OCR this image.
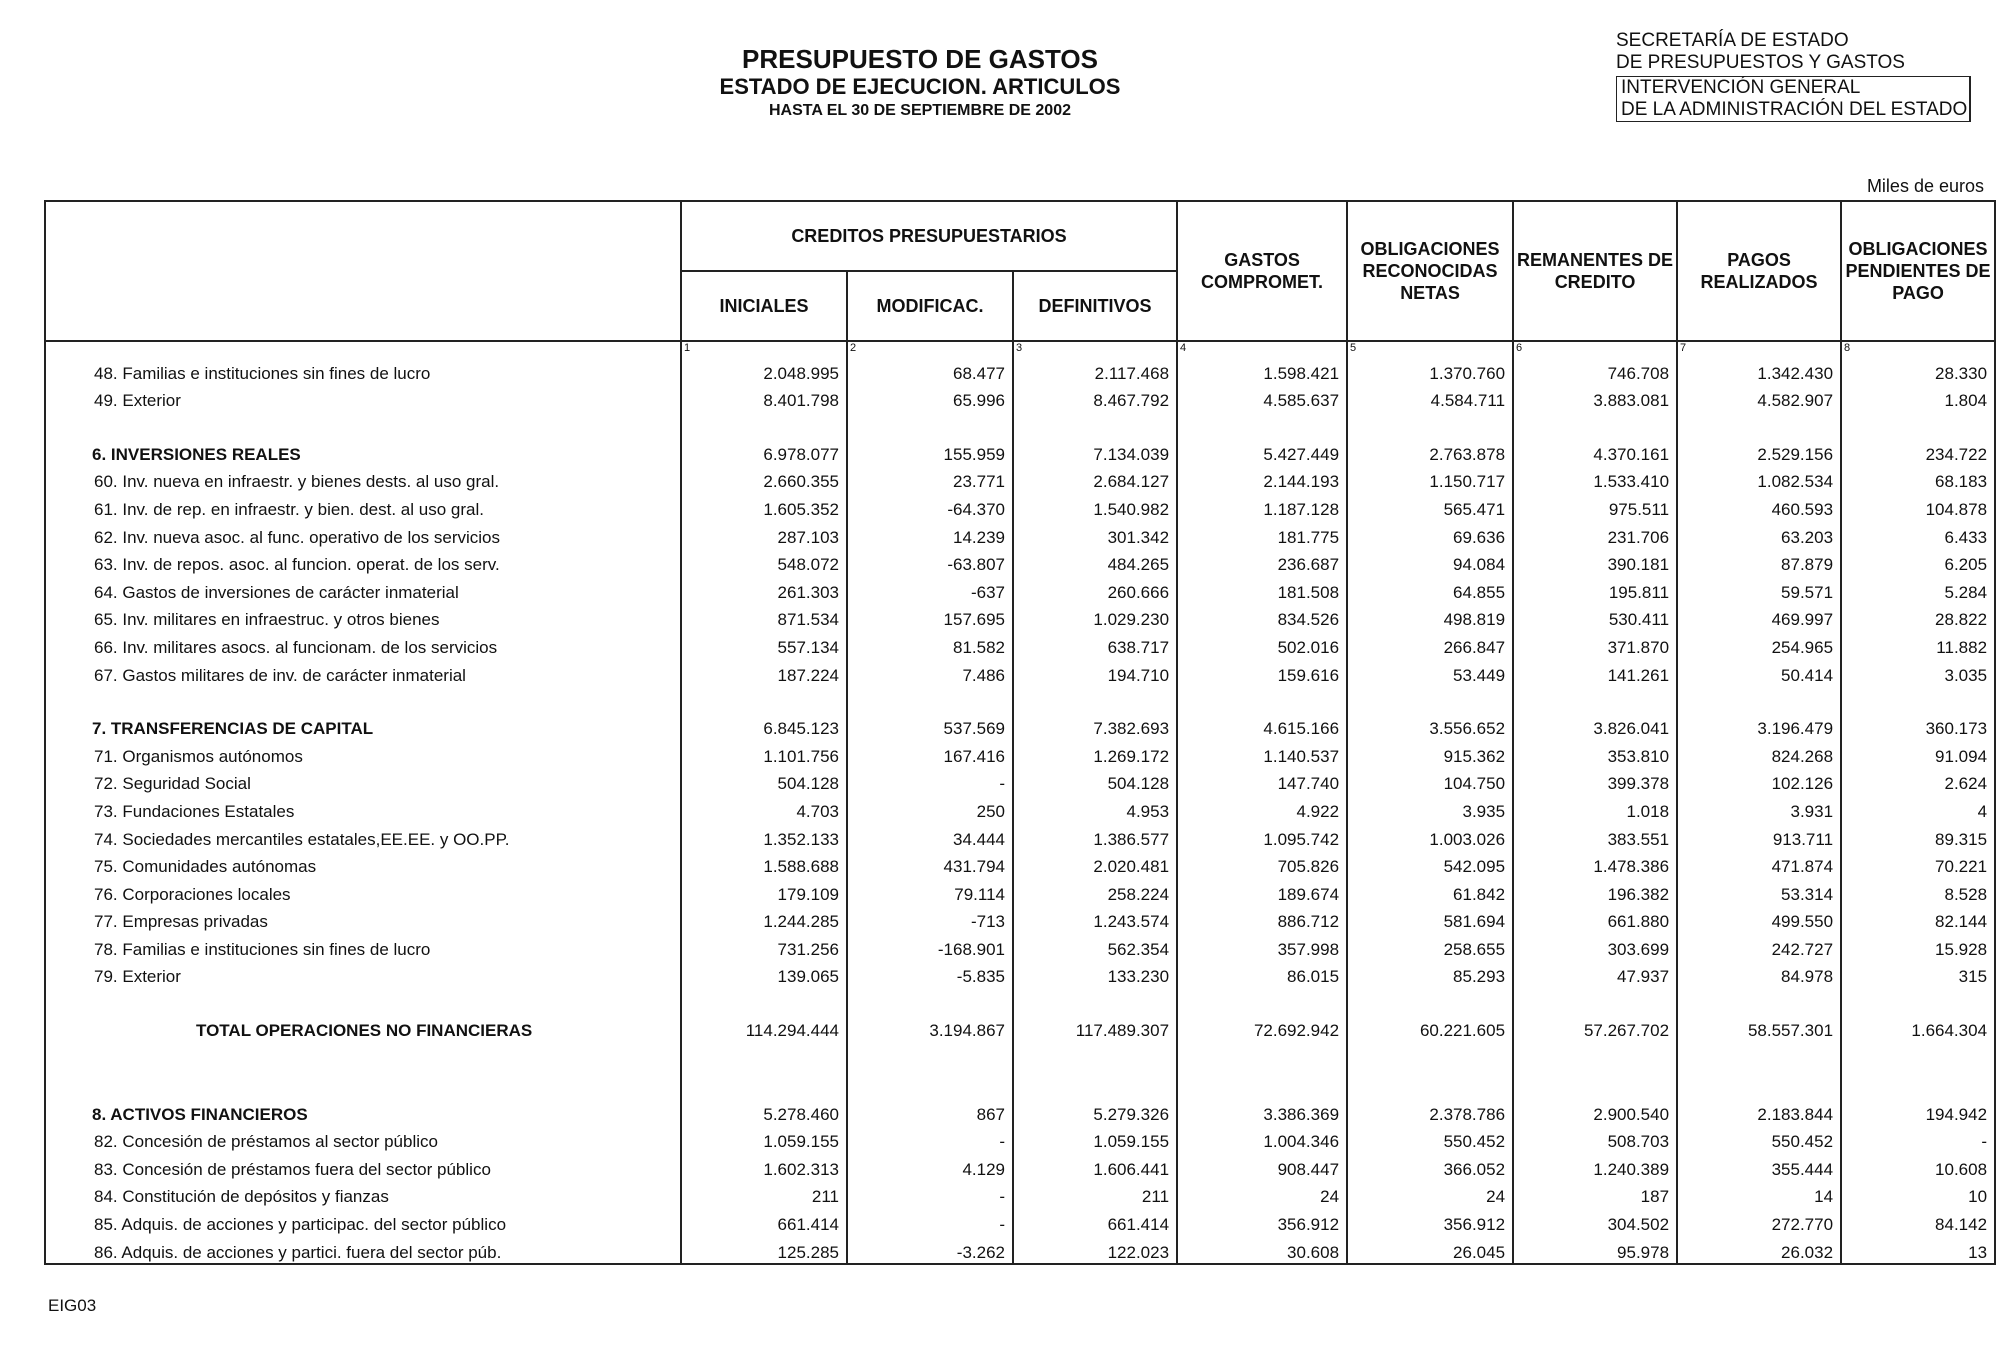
PRESUPUESTO DE GASTOS
ESTADO DE EJECUCION. ARTICULOS
HASTA EL 30 DE SEPTIEMBRE DE 2002
SECRETARÍA DE ESTADO
DE PRESUPUESTOS Y GASTOS
INTERVENCIÓN GENERAL
DE LA ADMINISTRACIÓN DEL ESTADO
Miles de euros
	CREDITOS PRESUPUESTARIOS			GASTOS COMPROMET.	OBLIGACIONES RECONOCIDAS NETAS	REMANENTES DE CREDITO	PAGOS REALIZADOS	OBLIGACIONES PENDIENTES DE PAGO
	INICIALES	MODIFICAC.	DEFINITIVOS					
	1	2	3	4	5	6	7	8
48. Familias e instituciones sin fines de lucro	2.048.995	68.477	2.117.468	1.598.421	1.370.760	746.708	1.342.430	28.330
49. Exterior	8.401.798	65.996	8.467.792	4.585.637	4.584.711	3.883.081	4.582.907	1.804

6. INVERSIONES REALES	6.978.077	155.959	7.134.039	5.427.449	2.763.878	4.370.161	2.529.156	234.722
60. Inv. nueva en infraestr. y bienes dests. al uso gral.	2.660.355	23.771	2.684.127	2.144.193	1.150.717	1.533.410	1.082.534	68.183
61. Inv. de rep. en infraestr. y bien. dest. al uso gral.	1.605.352	-64.370	1.540.982	1.187.128	565.471	975.511	460.593	104.878
62. Inv. nueva asoc. al func. operativo de los servicios	287.103	14.239	301.342	181.775	69.636	231.706	63.203	6.433
63. Inv. de repos. asoc. al funcion. operat. de los serv.	548.072	-63.807	484.265	236.687	94.084	390.181	87.879	6.205
64. Gastos de inversiones de carácter inmaterial	261.303	-637	260.666	181.508	64.855	195.811	59.571	5.284
65. Inv. militares en infraestruc. y otros bienes	871.534	157.695	1.029.230	834.526	498.819	530.411	469.997	28.822
66. Inv. militares asocs. al funcionam. de los servicios	557.134	81.582	638.717	502.016	266.847	371.870	254.965	11.882
67. Gastos militares de inv. de carácter inmaterial	187.224	7.486	194.710	159.616	53.449	141.261	50.414	3.035

7. TRANSFERENCIAS DE CAPITAL	6.845.123	537.569	7.382.693	4.615.166	3.556.652	3.826.041	3.196.479	360.173
71. Organismos autónomos	1.101.756	167.416	1.269.172	1.140.537	915.362	353.810	824.268	91.094
72. Seguridad Social	504.128	-	504.128	147.740	104.750	399.378	102.126	2.624
73. Fundaciones Estatales	4.703	250	4.953	4.922	3.935	1.018	3.931	4
74. Sociedades mercantiles estatales,EE.EE. y OO.PP.	1.352.133	34.444	1.386.577	1.095.742	1.003.026	383.551	913.711	89.315
75. Comunidades autónomas	1.588.688	431.794	2.020.481	705.826	542.095	1.478.386	471.874	70.221
76. Corporaciones locales	179.109	79.114	258.224	189.674	61.842	196.382	53.314	8.528
77. Empresas privadas	1.244.285	-713	1.243.574	886.712	581.694	661.880	499.550	82.144
78. Familias e instituciones sin fines de lucro	731.256	-168.901	562.354	357.998	258.655	303.699	242.727	15.928
79. Exterior	139.065	-5.835	133.230	86.015	85.293	47.937	84.978	315

TOTAL OPERACIONES NO FINANCIERAS	114.294.444	3.194.867	117.489.307	72.692.942	60.221.605	57.267.702	58.557.301	1.664.304

8. ACTIVOS FINANCIEROS	5.278.460	867	5.279.326	3.386.369	2.378.786	2.900.540	2.183.844	194.942
82. Concesión de préstamos al sector público	1.059.155	-	1.059.155	1.004.346	550.452	508.703	550.452	-
83. Concesión de préstamos fuera del sector público	1.602.313	4.129	1.606.441	908.447	366.052	1.240.389	355.444	10.608
84. Constitución de depósitos y fianzas	211	-	211	24	24	187	14	10
85. Adquis. de acciones y participac. del sector público	661.414	-	661.414	356.912	356.912	304.502	272.770	84.142
86. Adquis. de acciones y partici. fuera del sector púb.	125.285	-3.262	122.023	30.608	26.045	95.978	26.032	13
EIG03
